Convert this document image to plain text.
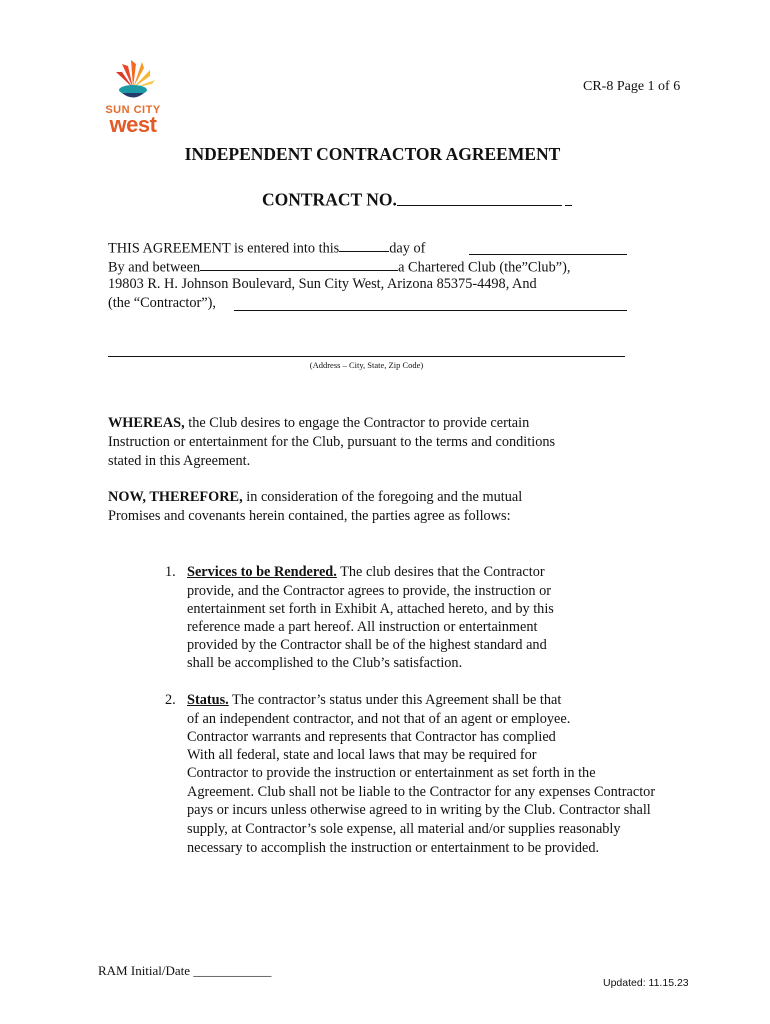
SUN CITY
west
CR-8 Page 1 of 6
INDEPENDENT CONTRACTOR AGREEMENT
CONTRACT NO.
THIS AGREEMENT is entered into this	day of
By and between	a Chartered Club (the”Club”),
19803 R. H. Johnson Boulevard, Sun City West, Arizona 85375-4498, And
(the “Contractor”),
(Address – City, State, Zip Code)
WHEREAS, the Club desires to engage the Contractor to provide certain
Instruction or entertainment for the Club, pursuant to the terms and conditions
stated in this Agreement.
NOW, THEREFORE, in consideration of the foregoing and the mutual
Promises and covenants herein contained, the parties agree as follows:
1. Services to be Rendered. The club desires that the Contractor
provide, and the Contractor agrees to provide, the instruction or
entertainment set forth in Exhibit A, attached hereto, and by this
reference made a part hereof. All instruction or entertainment
provided by the Contractor shall be of the highest standard and
shall be accomplished to the Club’s satisfaction.
2. Status. The contractor’s status under this Agreement shall be that
of an independent contractor, and not that of an agent or employee.
Contractor warrants and represents that Contractor has complied
With all federal, state and local laws that may be required for
Contractor to provide the instruction or entertainment as set forth in the
Agreement. Club shall not be liable to the Contractor for any expenses Contractor
pays or incurs unless otherwise agreed to in writing by the Club. Contractor shall
supply, at Contractor’s sole expense, all material and/or supplies reasonably
necessary to accomplish the instruction or entertainment to be provided.
RAM Initial/Date ____________
Updated: 11.15.23
